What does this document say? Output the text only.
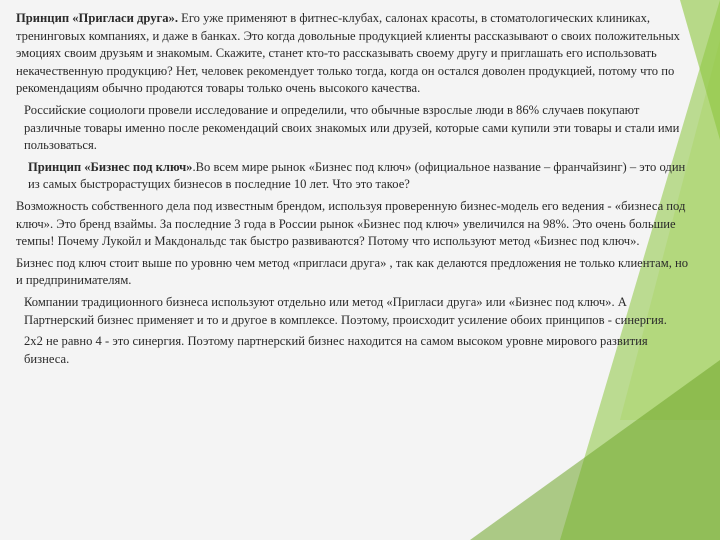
Принцип «Пригласи друга». Его уже применяют в фитнес-клубах, салонах красоты, в стоматологических клиниках, тренинговых компаниях, и даже в банках. Это когда довольные продукцией клиенты рассказывают о своих положительных эмоциях своим друзьям и знакомым. Скажите, станет кто-то рассказывать своему другу и приглашать его использовать некачественную продукцию? Нет, человек рекомендует только тогда, когда он остался доволен продукцией, потому что по рекомендациям обычно продаются товары только очень высокого качества.

Российские социологи провели исследование и определили, что обычные взрослые люди в 86% случаев покупают различные товары именно после рекомендаций своих знакомых или друзей, которые сами купили эти товары и стали ими пользоваться.

Принцип «Бизнес под ключ».Во всем мире рынок «Бизнес под ключ» (официальное название – франчайзинг) – это один из самых быстрорастущих бизнесов в последние 10 лет. Что это такое?

Возможность собственного дела под известным брендом, используя проверенную бизнес-модель его ведения - «бизнеса под ключ». Это бренд взаймы. За последние 3 года в России рынок «Бизнес под ключ» увеличился на 98%. Это очень большие темпы! Почему Лукойл и Макдональдс так быстро развиваются? Потому что используют метод «Бизнес под ключ».

Бизнес под ключ стоит выше по уровню чем метод «пригласи друга» , так как делаются предложения не только клиентам, но и предпринимателям.

Компании традиционного бизнеса используют отдельно или метод «Пригласи друга» или «Бизнес под ключ». А Партнерский бизнес применяет и то и другое в комплексе. Поэтому, происходит усиление обоих принципов - синергия.

2х2 не равно 4 - это синергия. Поэтому партнерский бизнес находится на самом высоком уровне мирового развития бизнеса.
